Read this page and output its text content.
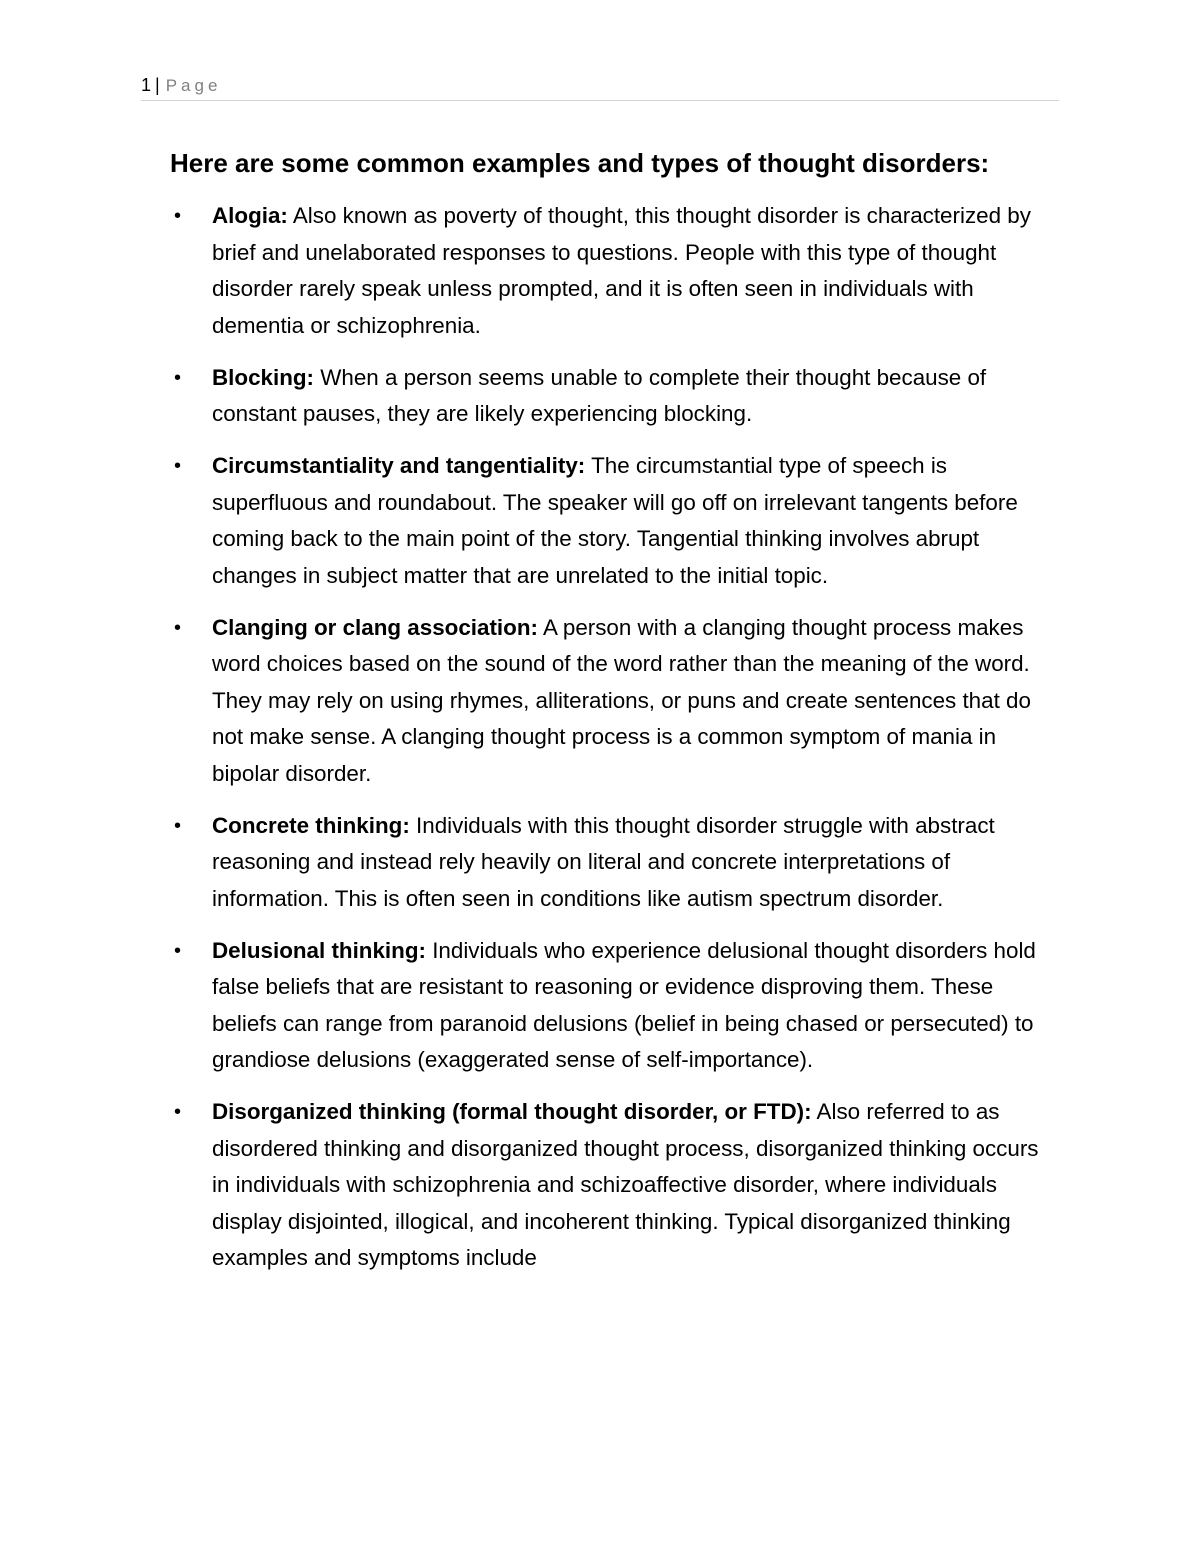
1 | Page
Here are some common examples and types of thought disorders:
• Alogia: Also known as poverty of thought, this thought disorder is characterized by brief and unelaborated responses to questions. People with this type of thought disorder rarely speak unless prompted, and it is often seen in individuals with dementia or schizophrenia.
• Blocking: When a person seems unable to complete their thought because of constant pauses, they are likely experiencing blocking.
• Circumstantiality and tangentiality: The circumstantial type of speech is superfluous and roundabout. The speaker will go off on irrelevant tangents before coming back to the main point of the story. Tangential thinking involves abrupt changes in subject matter that are unrelated to the initial topic.
• Clanging or clang association: A person with a clanging thought process makes word choices based on the sound of the word rather than the meaning of the word. They may rely on using rhymes, alliterations, or puns and create sentences that do not make sense. A clanging thought process is a common symptom of mania in bipolar disorder.
• Concrete thinking: Individuals with this thought disorder struggle with abstract reasoning and instead rely heavily on literal and concrete interpretations of information. This is often seen in conditions like autism spectrum disorder.
• Delusional thinking: Individuals who experience delusional thought disorders hold false beliefs that are resistant to reasoning or evidence disproving them. These beliefs can range from paranoid delusions (belief in being chased or persecuted) to grandiose delusions (exaggerated sense of self-importance).
• Disorganized thinking (formal thought disorder, or FTD): Also referred to as disordered thinking and disorganized thought process, disorganized thinking occurs in individuals with schizophrenia and schizoaffective disorder, where individuals display disjointed, illogical, and incoherent thinking. Typical disorganized thinking examples and symptoms include
